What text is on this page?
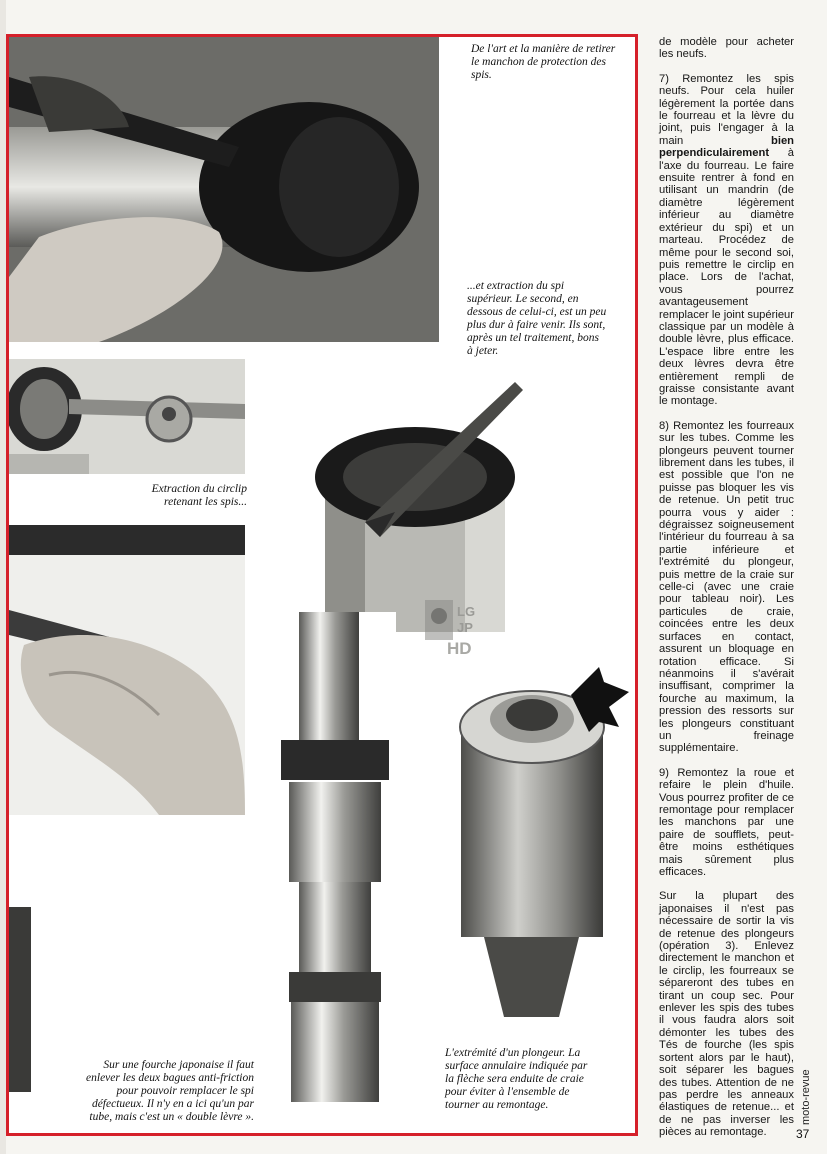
LG
JP
HD
De l'art et la manière de retirer le manchon de protection des spis.
...et extraction du spi supérieur. Le second, en dessous de celui-ci, est un peu plus dur à faire venir. Ils sont, après un tel traitement, bons à jeter.
Extraction du circlip retenant les spis...
Sur une fourche japonaise il faut enlever les deux bagues anti-friction pour pouvoir remplacer le spi défectueux. Il n'y en a ici qu'un par tube, mais c'est un « double lèvre ».
L'extrémité d'un plongeur. La surface annulaire indiquée par la flèche sera enduite de craie pour éviter à l'ensemble de tourner au remontage.

de modèle pour acheter les neufs.

7) Remontez les spis neufs. Pour cela huiler légèrement la portée dans le fourreau et la lèvre du joint, puis l'engager à la main bien perpendiculairement à l'axe du fourreau. Le faire ensuite rentrer à fond en utilisant un mandrin (de diamètre légèrement inférieur au diamètre extérieur du spi) et un marteau. Procédez de même pour le second soi, puis remettre le circlip en place. Lors de l'achat, vous pourrez avantageusement remplacer le joint supérieur classique par un modèle à double lèvre, plus efficace. L'espace libre entre les deux lèvres devra être entièrement rempli de graisse consistante avant le montage.

8) Remontez les fourreaux sur les tubes. Comme les plongeurs peuvent tourner librement dans les tubes, il est possible que l'on ne puisse pas bloquer les vis de retenue. Un petit truc pourra vous y aider : dégraissez soigneusement l'intérieur du fourreau à sa partie inférieure et l'extrémité du plongeur, puis mettre de la craie sur celle-ci (avec une craie pour tableau noir). Les particules de craie, coincées entre les deux surfaces en contact, assurent un bloquage en rotation efficace. Si néanmoins il s'avérait insuffisant, comprimer la fourche au maximum, la pression des ressorts sur les plongeurs constituant un freinage supplémentaire.

9) Remontez la roue et refaire le plein d'huile. Vous pourrez profiter de ce remontage pour remplacer les manchons par une paire de soufflets, peut-être moins esthétiques mais sûrement plus efficaces.

Sur la plupart des japonaises il n'est pas nécessaire de sortir la vis de retenue des plongeurs (opération 3). Enlevez directement le manchon et le circlip, les fourreaux se sépareront des tubes en tirant un coup sec. Pour enlever les spis des tubes il vous faudra alors soit démonter les tubes des Tés de fourche (les spis sortent alors par le haut), soit séparer les bagues des tubes. Attention de ne pas perdre les anneaux élastiques de retenue... et de ne pas inverser les pièces au remontage.

moto-revue
37
